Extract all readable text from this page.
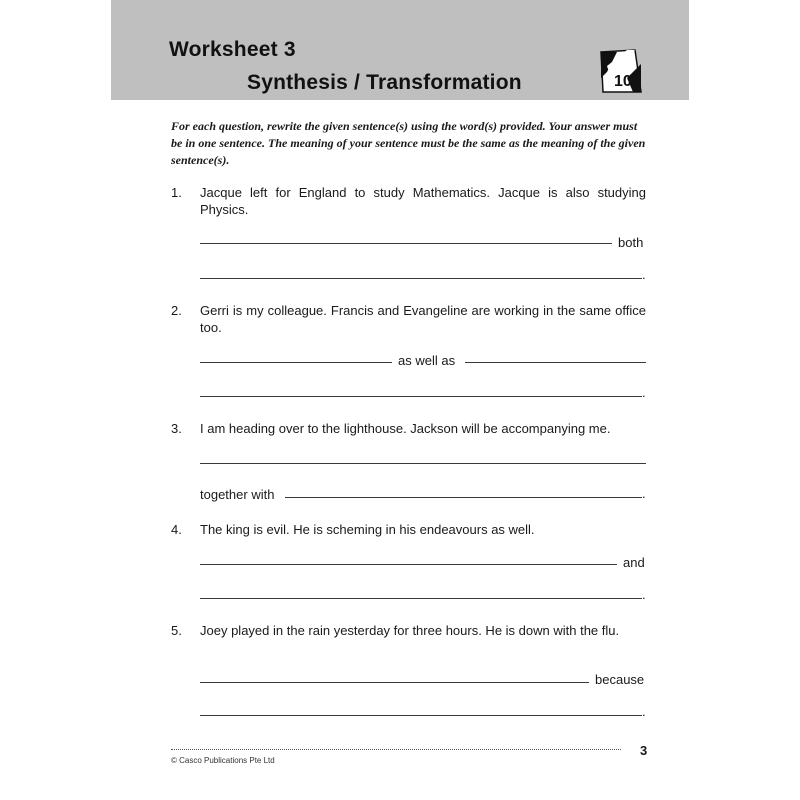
Worksheet 3
Synthesis / Transformation	10
For each question, rewrite the given sentence(s) using the word(s) provided. Your answer must be in one sentence. The meaning of your sentence must be the same as the meaning of the given sentence(s).
1. Jacque left for England to study Mathematics. Jacque is also studying Physics.
both
.
2. Gerri is my colleague. Francis and Evangeline are working in the same office too.
as well as
.
3. I am heading over to the lighthouse. Jackson will be accompanying me.
together with	.
4. The king is evil. He is scheming in his endeavours as well.
and
.
5. Joey played in the rain yesterday for three hours. He is down with the flu.
because
.
3
© Casco Publications Pte Ltd
